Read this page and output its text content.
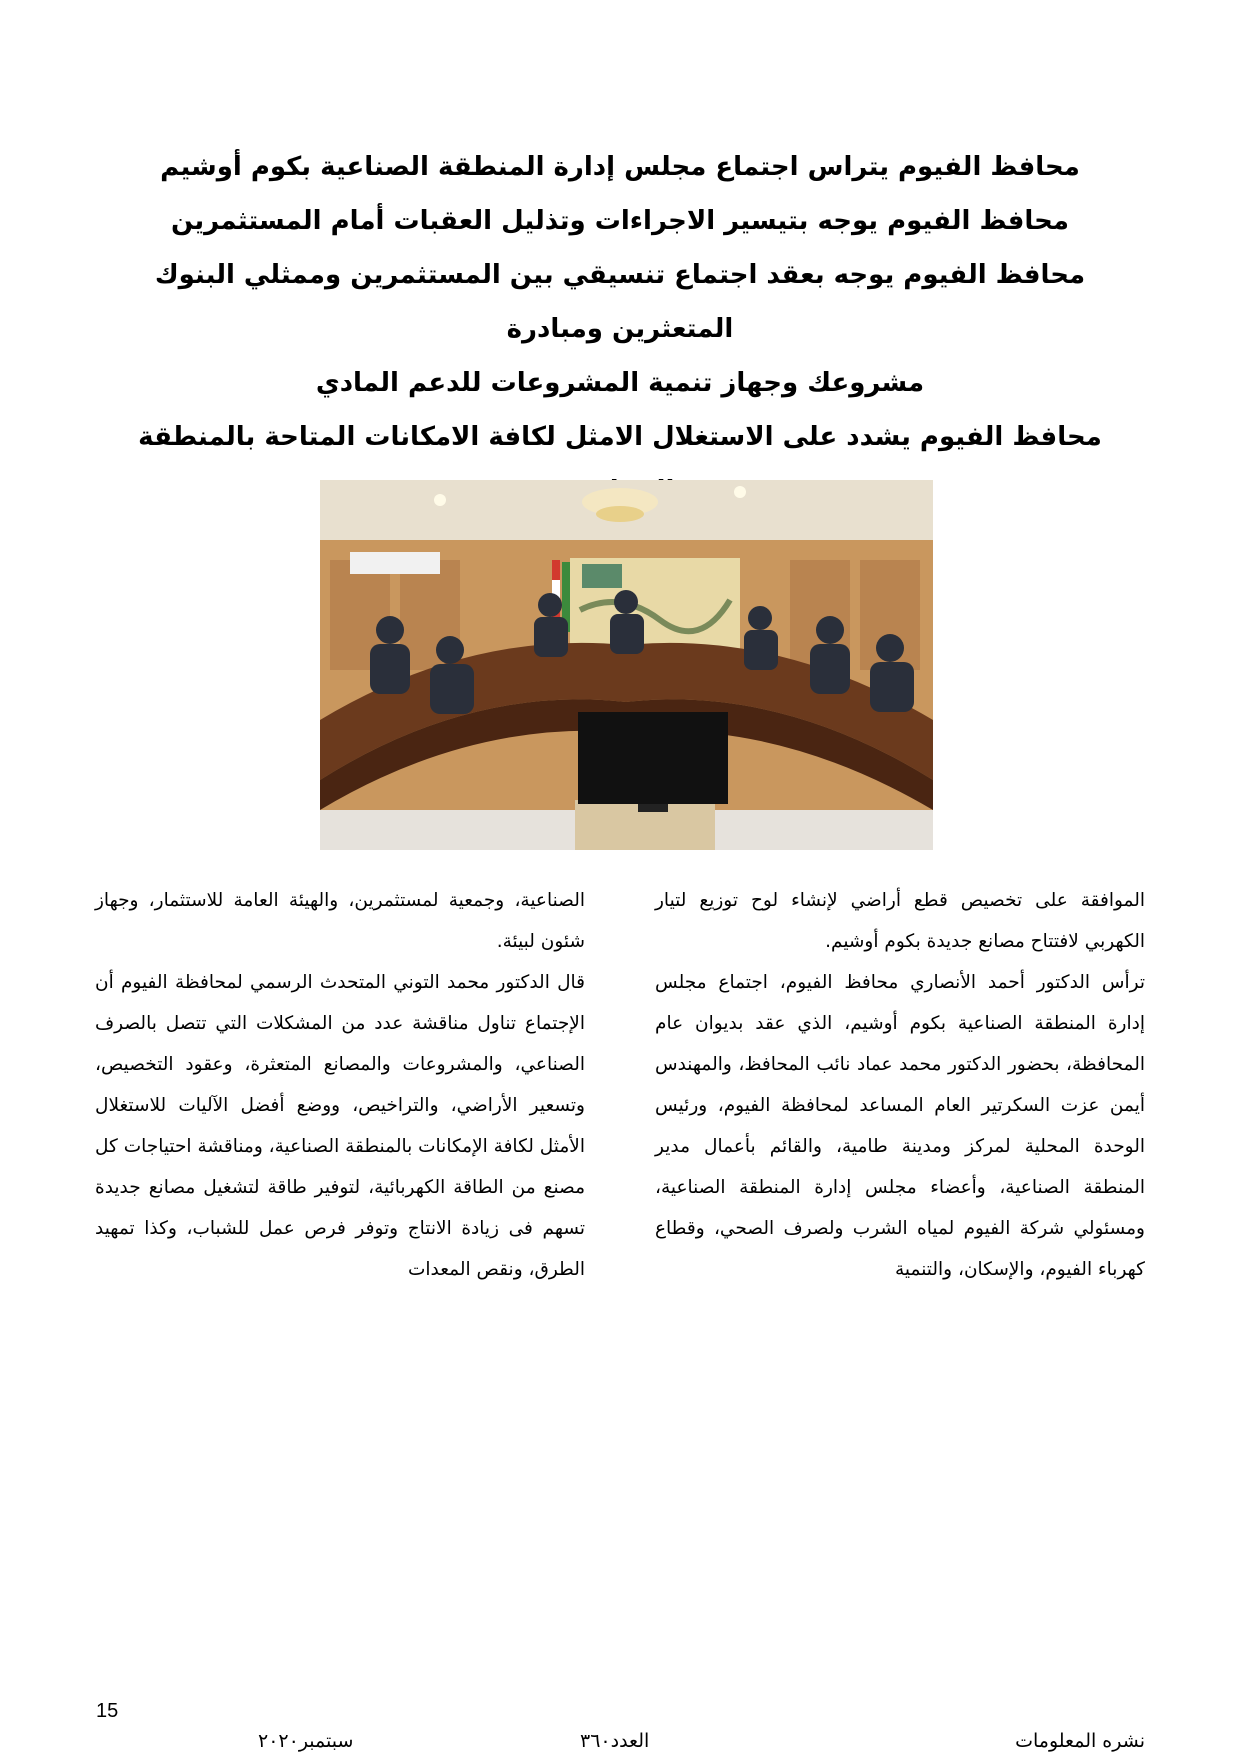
محافظ الفيوم يتراس اجتماع مجلس إدارة المنطقة الصناعية بكوم أوشيم

محافظ الفيوم يوجه بتيسير الاجراءات وتذليل العقبات أمام المستثمرين

محافظ الفيوم يوجه بعقد اجتماع تنسيقي بين المستثمرين وممثلي البنوك المتعثرين ومبادرة

مشروعك وجهاز تنمية المشروعات للدعم المادي

محافظ الفيوم يشدد على الاستغلال الامثل لكافة الامكانات المتاحة بالمنطقة

الموافقة على تخصيص قطع أراضي لإنشاء لوح توزيع لتيار الكهربي لافتتاح مصانع جديدة بكوم أوشيم.

ترأس الدكتور أحمد الأنصاري محافظ الفيوم، اجتماع مجلس إدارة المنطقة الصناعية بكوم أوشيم، الذي عقد بديوان عام المحافظة، بحضور الدكتور محمد عماد نائب المحافظ، والمهندس أيمن عزت السكرتير العام المساعد لمحافظة الفيوم، ورئيس الوحدة المحلية لمركز ومدينة طامية، والقائم بأعمال مدير المنطقة الصناعية، وأعضاء مجلس إدارة المنطقة الصناعية، ومسئولي شركة الفيوم لمياه الشرب ولصرف الصحي، وقطاع كهرباء الفيوم، والإسكان، والتنمية

الصناعية، وجمعية لمستثمرين، والهيئة العامة للاستثمار، وجهاز شئون لبيئة.

قال الدكتور محمد التوني المتحدث الرسمي لمحافظة الفيوم أن الإجتماع تناول مناقشة عدد من المشكلات التي تتصل بالصرف الصناعي، والمشروعات والمصانع المتعثرة، وعقود التخصيص، وتسعير الأراضي، والتراخيص، ووضع أفضل الآليات للاستغلال الأمثل لكافة الإمكانات بالمنطقة الصناعية، ومناقشة احتياجات كل مصنع من الطاقة الكهربائية، لتوفير طاقة لتشغيل مصانع جديدة تسهم فى زيادة الانتاج وتوفر فرص عمل للشباب، وكذا تمهيد الطرق، ونقص المعدات

15
نشره المعلومات
العدد٣٦٠
سبتمبر٢٠٢٠
